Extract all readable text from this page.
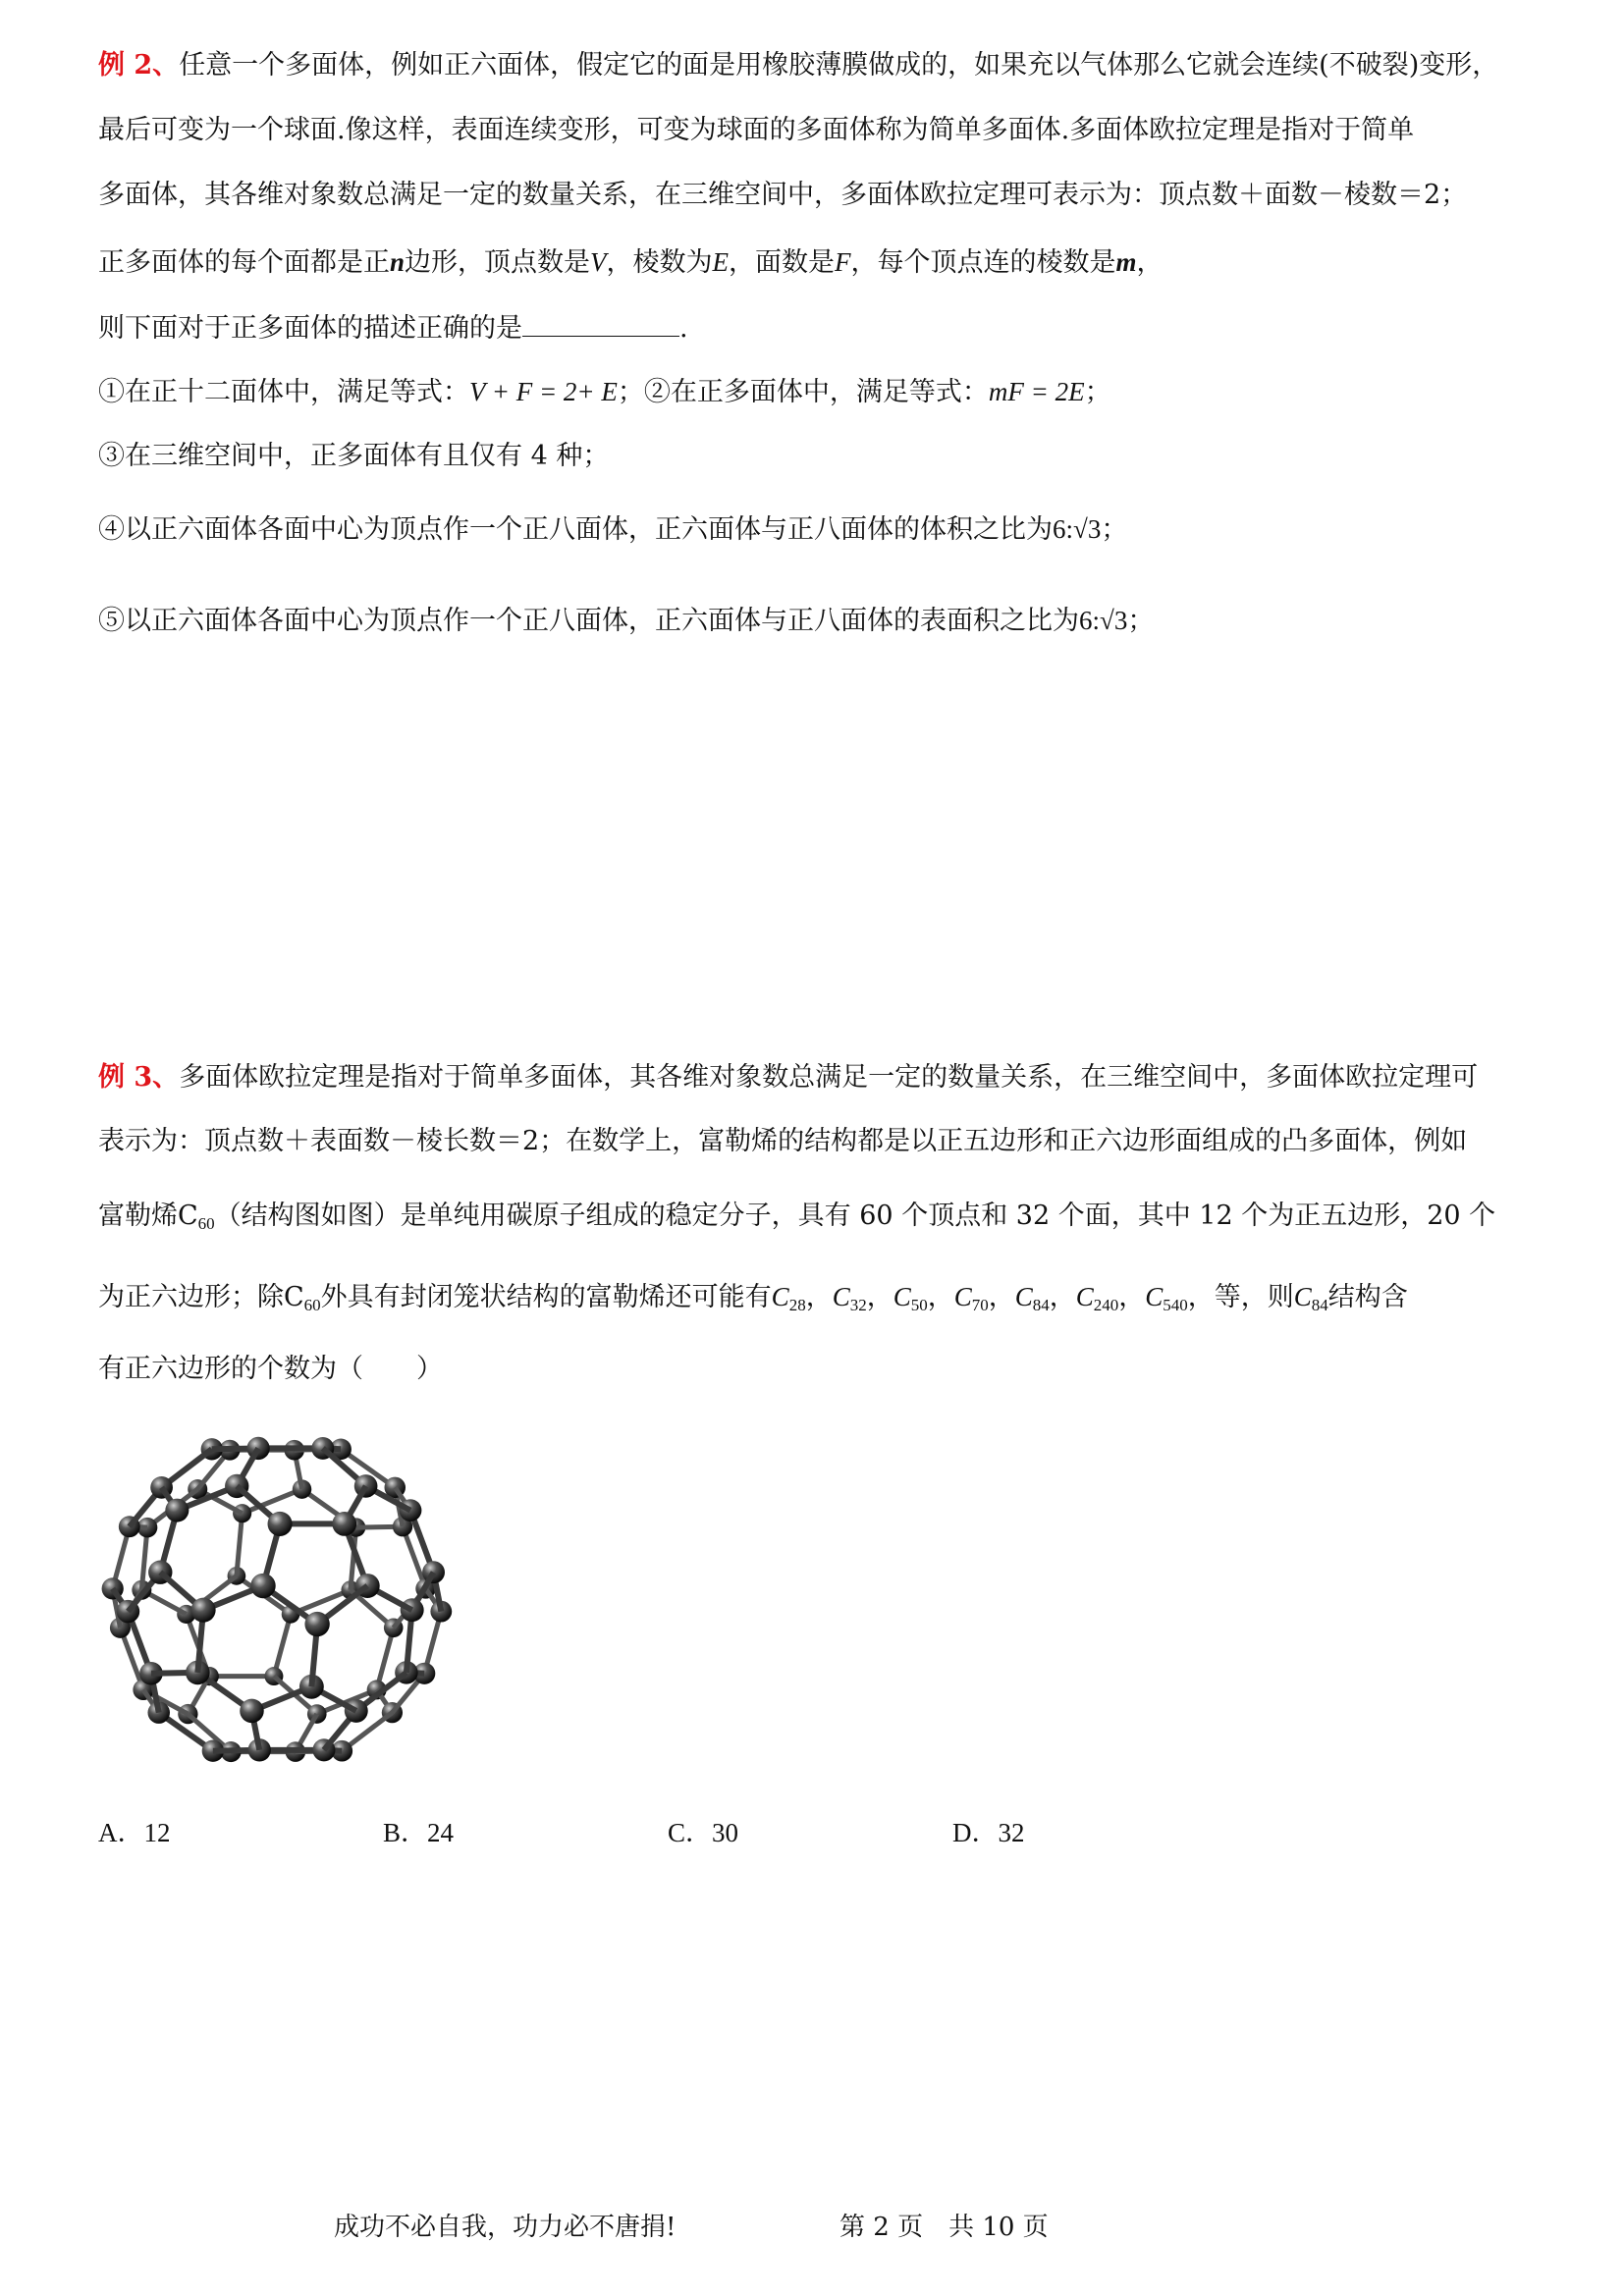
例 2、任意一个多面体，例如正六面体，假定它的面是用橡胶薄膜做成的，如果充以气体那么它就会连续(不破裂)变形，
最后可变为一个球面.像这样，表面连续变形，可变为球面的多面体称为简单多面体.多面体欧拉定理是指对于简单
多面体，其各维对象数总满足一定的数量关系，在三维空间中，多面体欧拉定理可表示为：顶点数＋面数－棱数＝2；
正多面体的每个面都是正n边形，顶点数是V，棱数为E，面数是F，每个顶点连的棱数是m，
则下面对于正多面体的描述正确的是	.
①在正十二面体中，满足等式：V + F = 2+ E；②在正多面体中，满足等式：mF = 2E；
③在三维空间中，正多面体有且仅有 4 种；
④以正六面体各面中心为顶点作一个正八面体，正六面体与正八面体的体积之比为6:√3；
⑤以正六面体各面中心为顶点作一个正八面体，正六面体与正八面体的表面积之比为6:√3；
例 3、多面体欧拉定理是指对于简单多面体，其各维对象数总满足一定的数量关系，在三维空间中，多面体欧拉定理可
表示为：顶点数＋表面数－棱长数＝2；在数学上，富勒烯的结构都是以正五边形和正六边形面组成的凸多面体，例如
富勒烯$C_{60}$（结构图如图）是单纯用碳原子组成的稳定分子，具有 60 个顶点和 32 个面，其中 12 个为正五边形，20 个
为正六边形；除$C_{60}$外具有封闭笼状结构的富勒烯还可能有$C_{28}$，$C_{32}$，$C_{50}$，$C_{70}$，$C_{84}$，$C_{240}$，$C_{540}$，等，则$C_{84}$结构含
有正六边形的个数为（　　）
A．12	B．24	C．30	D．32
成功不必自我，功力必不唐捐!	第 2 页　共 10 页
